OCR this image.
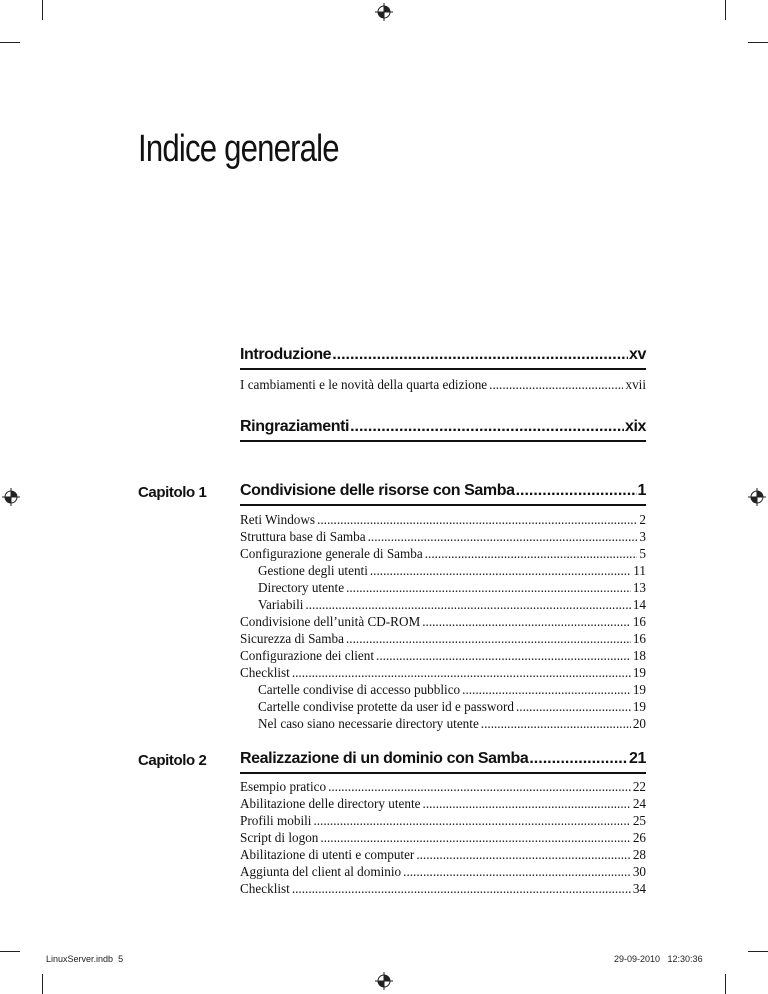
Indice generale
Introduzione .....	xv
I cambiamenti e le novità della quarta edizione .....	xvii
Ringraziamenti .....	xix
Capitolo 1 Condivisione delle risorse con Samba .....	1
Reti Windows .....	2
Struttura base di Samba .....	3
Configurazione generale di Samba .....	5
Gestione degli utenti .....	11
Directory utente .....	13
Variabili .....	14
Condivisione dell’unità CD-ROM .....	16
Sicurezza di Samba .....	16
Configurazione dei client .....	18
Checklist .....	19
Cartelle condivise di accesso pubblico .....	19
Cartelle condivise protette da user id e password .....	19
Nel caso siano necessarie directory utente .....	20
Capitolo 2 Realizzazione di un dominio con Samba .....	21
Esempio pratico .....	22
Abilitazione delle directory utente .....	24
Profili mobili .....	25
Script di logon .....	26
Abilitazione di utenti e computer .....	28
Aggiunta del client al dominio .....	30
Checklist .....	34
LinuxServer.indb 5	29-09-2010   12:30:36
